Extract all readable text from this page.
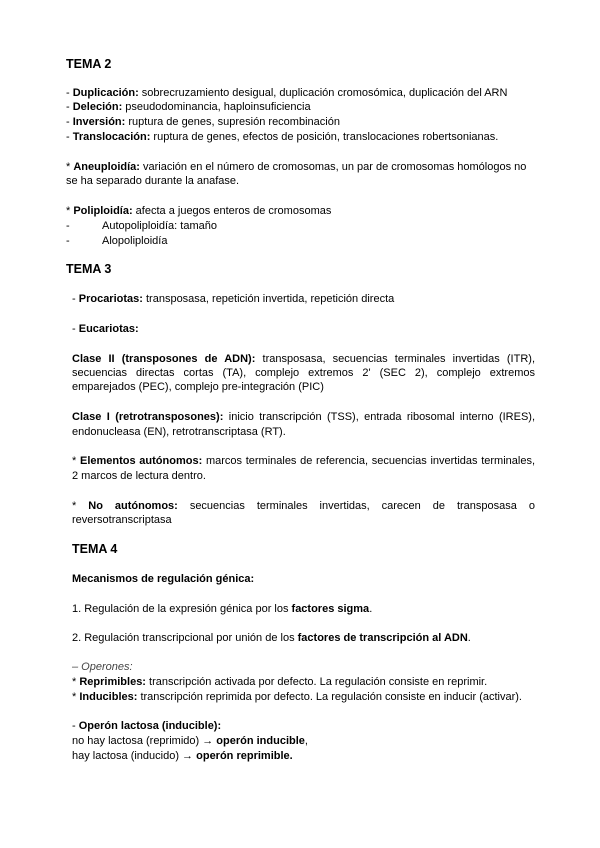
TEMA 2
- Duplicación: sobrecruzamiento desigual, duplicación cromosómica, duplicación del ARN
- Deleción: pseudodominancia, haploinsuficiencia
- Inversión: ruptura de genes, supresión recombinación
- Translocación: ruptura de genes, efectos de posición, translocaciones robertsonianas.
* Aneuploidía: variación en el número de cromosomas, un par de cromosomas homólogos no
se ha separado durante la anafase.
* Poliploidía: afecta a juegos enteros de cromosomas
-	Autopoliploidía: tamaño
-	Alopoliploidía
TEMA 3
- Procariotas: transposasa, repetición invertida, repetición directa
- Eucariotas:
Clase II (transposones de ADN): transposasa, secuencias terminales invertidas (ITR),
secuencias directas cortas (TA), complejo extremos 2' (SEC 2), complejo extremos
emparejados (PEC), complejo pre-integración (PIC)
Clase I (retrotransposones): inicio transcripción (TSS), entrada ribosomal interno (IRES),
endonucleasa (EN), retrotranscriptasa (RT).
* Elementos autónomos: marcos terminales de referencia, secuencias invertidas terminales,
2 marcos de lectura dentro.
* No autónomos: secuencias terminales invertidas, carecen de transposasa o
reversotranscriptasa
TEMA 4
Mecanismos de regulación génica:
1. Regulación de la expresión génica por los factores sigma.
2. Regulación transcripcional por unión de los factores de transcripción al ADN.
– Operones:
* Reprimibles: transcripción activada por defecto. La regulación consiste en reprimir.
* Inducibles: transcripción reprimida por defecto. La regulación consiste en inducir (activar).
- Operón lactosa (inducible):
no hay lactosa (reprimido) → operón inducible,
hay lactosa (inducido) → operón reprimible.
